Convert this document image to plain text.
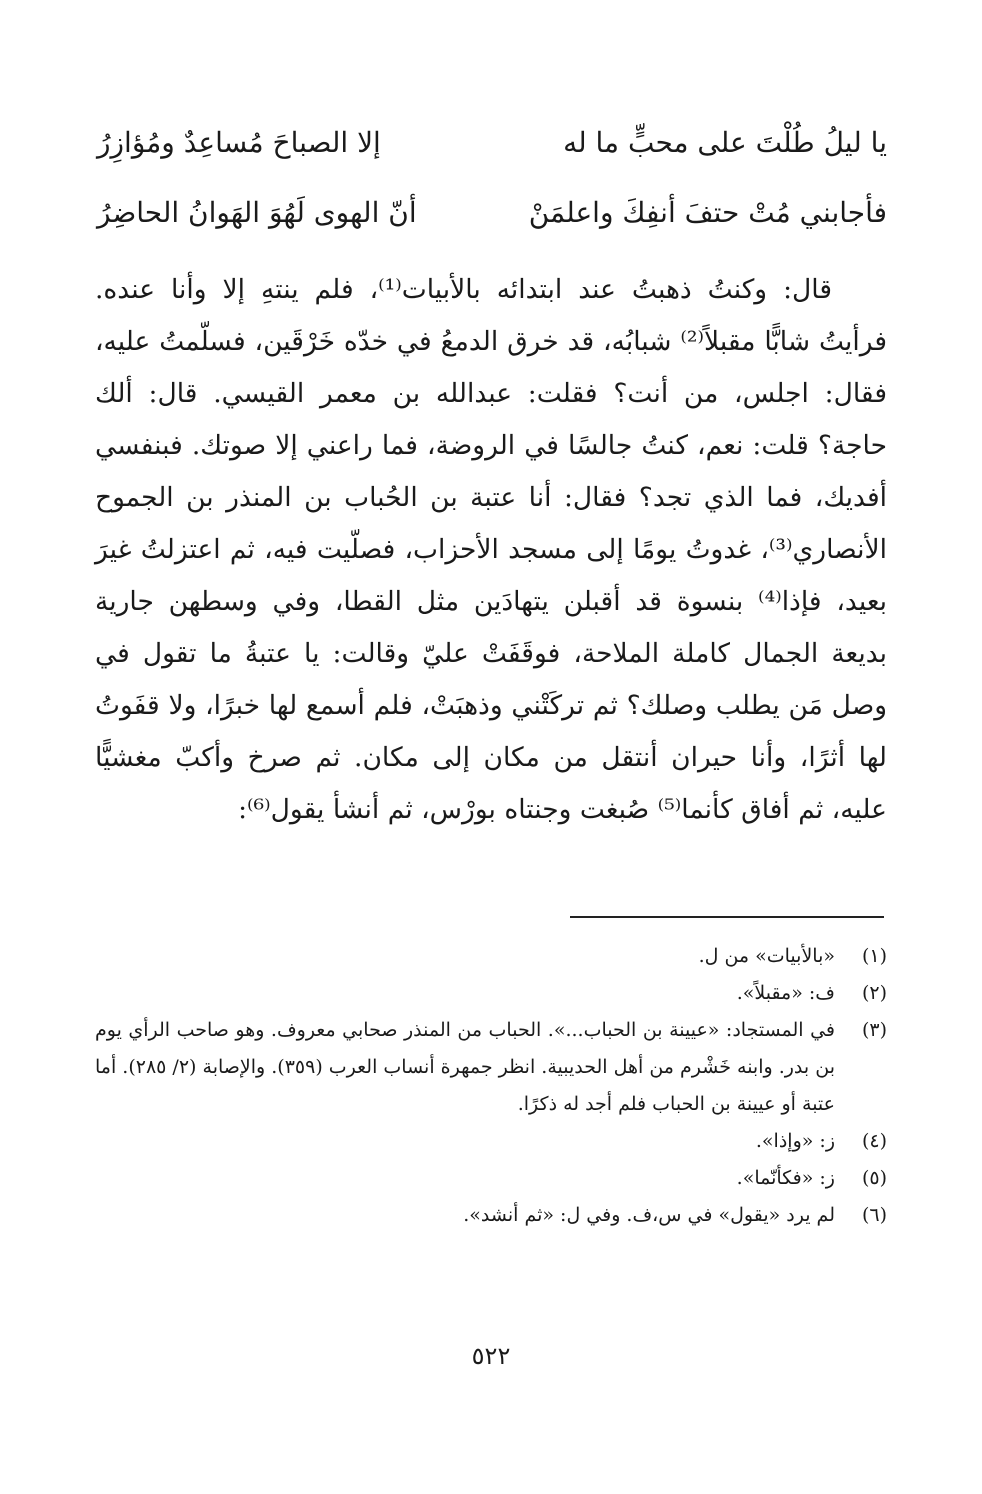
يا ليلُ طُلْتَ على محبٍّ ما له
إلا الصباحَ مُساعِدٌ ومُؤازِرُ
فأجابني مُتْ حتفَ أنفِكَ واعلمَنْ
أنّ الهوى لَهُوَ الهَوانُ الحاضِرُ

قال: وكنتُ ذهبتُ عند ابتدائه بالأبيات⁽¹⁾، فلم ينتهِ إلا وأنا عنده. فرأيتُ شابًّا مقبلاً⁽²⁾ شبابُه، قد خرق الدمعُ في خدّه خَرْقَين، فسلّمتُ عليه، فقال: اجلس، من أنت؟ فقلت: عبدالله بن معمر القيسي. قال: ألك حاجة؟ قلت: نعم، كنتُ جالسًا في الروضة، فما راعني إلا صوتك. فبنفسي أفديك، فما الذي تجد؟ فقال: أنا عتبة بن الحُباب بن المنذر بن الجموح الأنصاري⁽³⁾، غدوتُ يومًا إلى مسجد الأحزاب، فصلّيت فيه، ثم اعتزلتُ غيرَ بعيد، فإذا⁽⁴⁾ بنسوة قد أقبلن يتهادَين مثل القطا، وفي وسطهن جارية بديعة الجمال كاملة الملاحة، فوقَفَتْ عليّ وقالت: يا عتبةُ ما تقول في وصل مَن يطلب وصلك؟ ثم تركَتْني وذهبَتْ، فلم أسمع لها خبرًا، ولا قفَوتُ لها أثرًا، وأنا حيران أنتقل من مكان إلى مكان. ثم صرخ وأكبّ مغشيًّا عليه، ثم أفاق كأنما⁽⁵⁾ صُبغت وجنتاه بورْس، ثم أنشأ يقول⁽⁶⁾:

(١)
«بالأبيات» من ل.
(٢)
ف: «مقبلاً».
(٣)
في المستجاد: «عيينة بن الحباب...». الحباب من المنذر صحابي معروف. وهو صاحب الرأي يوم بن بدر. وابنه خَشْرم من أهل الحديبية. انظر جمهرة أنساب العرب (٣٥٩). والإصابة (٢/ ٢٨٥). أما عتبة أو عيينة بن الحباب فلم أجد له ذكرًا.
(٤)
ز: «وإذا».
(٥)
ز: «فكأنّما».
(٦)
لم يرد «يقول» في س،ف. وفي ل: «ثم أنشد».
٥٢٢
